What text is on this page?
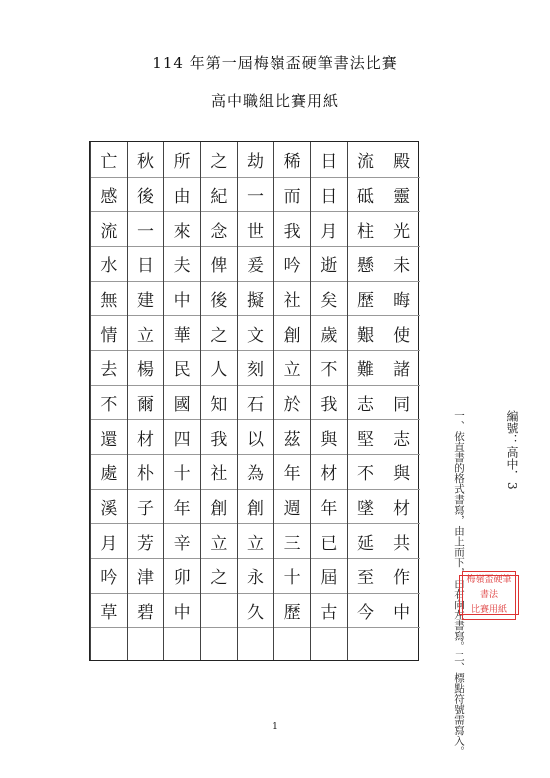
114 年第一屆梅嶺盃硬筆書法比賽
高中職組比賽用紙
殿
靈
光
未
晦
使
諸
同
志
與
材
共
作
中
流
砥
柱
懸
歷
艱
難
志
堅
不
墜
延
至
今
日
日
月
逝
矣
歲
不
我
與
材
年
已
屆
古
稀
而
我
吟
社
創
立
於
茲
年
週
三
十
歷
劫
一
世
爰
擬
文
刻
石
以
為
創
立
永
久
之
紀
念
俾
後
之
人
知
我
社
創
立
之
所
由
來
夫
中
華
民
國
四
十
年
辛
卯
中
秋
後
一
日
建
立
楊
爾
材
朴
子
芳
津
碧
亡
感
流
水
無
情
去
不
還
處
溪
月
吟
草
編號：高中．3
一、依直書的格式書寫，由上而下，由右向左書寫。二、標點符號需寫入。 梅嶺盃硬筆書法
比賽用紙
1
